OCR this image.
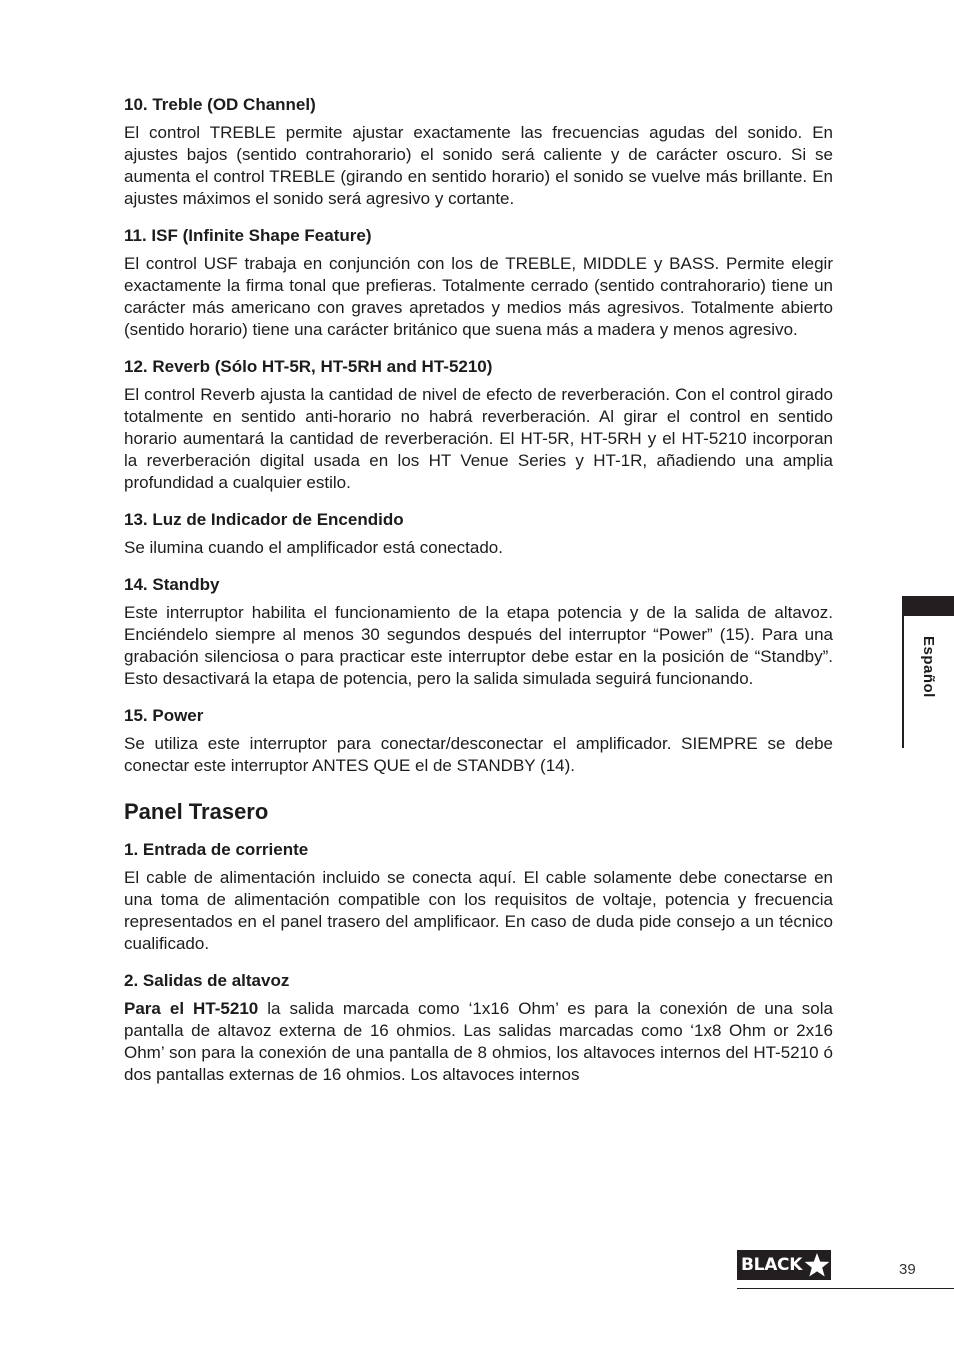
10. Treble (OD Channel)
El control TREBLE permite ajustar exactamente las frecuencias agudas del sonido. En ajustes bajos (sentido contrahorario) el sonido será caliente y de carácter oscuro. Si se aumenta el control TREBLE (girando en sentido horario) el sonido se vuelve más brillante. En ajustes máximos el sonido será agresivo y cortante.
11. ISF (Infinite Shape Feature)
El control USF trabaja en conjunción con los de TREBLE, MIDDLE y BASS. Permite elegir exactamente la firma tonal que prefieras. Totalmente cerrado (sentido contrahorario) tiene un carácter más americano con graves apretados y medios más agresivos. Totalmente abierto (sentido horario) tiene una carácter británico que suena más a madera y menos agresivo.
12. Reverb (Sólo HT-5R, HT-5RH and HT-5210)
El control Reverb ajusta la cantidad de nivel de efecto de reverberación. Con el control girado totalmente en sentido anti-horario no habrá reverberación. Al girar el control en sentido horario aumentará la cantidad de reverberación. El HT-5R, HT-5RH y el HT-5210 incorporan la reverberación digital usada en los HT Venue Series y HT-1R, añadiendo una amplia profundidad a cualquier estilo.
13. Luz de Indicador de Encendido
Se ilumina cuando el amplificador está conectado.
14. Standby
Este interruptor habilita el funcionamiento de la etapa potencia y de la salida de altavoz. Enciéndelo siempre al menos 30 segundos después del interruptor “Power” (15). Para una grabación silenciosa o para practicar este interruptor debe estar en la posición de “Standby”. Esto desactivará la etapa de potencia, pero la salida simulada seguirá funcionando.
15. Power
Se utiliza este interruptor para conectar/desconectar el amplificador. SIEMPRE se debe conectar este interruptor ANTES QUE el de STANDBY (14).
Panel Trasero
1. Entrada de corriente
El cable de alimentación incluido se conecta aquí. El cable solamente debe conectarse en una toma de alimentación compatible con los requisitos de voltaje, potencia y frecuencia representados en el panel trasero del amplificaor. En caso de duda pide consejo a un técnico cualificado.
2. Salidas de altavoz
Para el HT-5210 la salida marcada como ‘1x16 Ohm’ es para la conexión de una sola pantalla de altavoz externa de 16 ohmios. Las salidas marcadas como ‘1x8 Ohm or 2x16 Ohm’ son para la conexión de una pantalla de 8 ohmios, los altavoces internos del HT-5210 ó dos pantallas externas de 16 ohmios. Los altavoces internos
Español
BLACK	39
